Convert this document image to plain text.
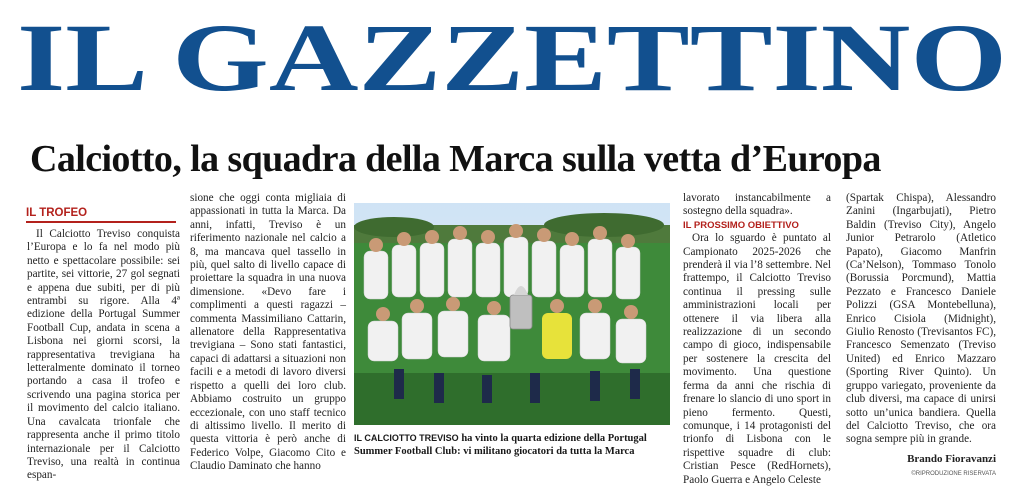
IL GAZZETTINO
Calciotto, la squadra della Marca sulla vetta d’Europa
IL TROFEO

Il Calciotto Treviso conquista l’Europa e lo fa nel modo più netto e spettacolare possibile: sei partite, sei vittorie, 27 gol segnati e appena due subiti, per di più entrambi su rigore. Alla 4ª edizione della Portugal Summer Football Cup, andata in scena a Lisbona nei giorni scorsi, la rappresentativa trevigiana ha letteralmente dominato il torneo portando a casa il trofeo e scrivendo una pagina storica per il movimento del calcio italiano. Una cavalcata trionfale che rappresenta anche il primo titolo internazionale per il Calciotto Treviso, una realtà in continua espan-

sione che oggi conta migliaia di appassionati in tutta la Marca. Da anni, infatti, Treviso è un riferimento nazionale nel calcio a 8, ma mancava quel tassello in più, quel salto di livello capace di proiettare la squadra in una nuova dimensione. «Devo fare i complimenti a questi ragazzi – commenta Massimiliano Cattarin, allenatore della Rappresentativa trevigiana – Sono stati fantastici, capaci di adattarsi a situazioni non facili e a metodi di lavoro diversi rispetto a quelli dei loro club. Abbiamo costruito un gruppo eccezionale, con uno staff tecnico di altissimo livello. Il merito di questa vittoria è però anche di Federico Volpe, Giacomo Cito e Claudio Daminato che hanno

IL CALCIOTTO TREVISO ha vinto la quarta edizione della Portugal Summer Football Club: vi militano giocatori da tutta la Marca

lavorato instancabilmente a sostegno della squadra».

IL PROSSIMO OBIETTIVO

Ora lo sguardo è puntato al Campionato 2025-2026 che prenderà il via l’8 settembre. Nel frattempo, il Calciotto Treviso continua il pressing sulle amministrazioni locali per ottenere il via libera alla realizzazione di un secondo campo di gioco, indispensabile per sostenere la crescita del movimento. Una questione ferma da anni che rischia di frenare lo slancio di uno sport in pieno fermento. Questi, comunque, i 14 protagonisti del trionfo di Lisbona con le rispettive squadre di club: Cristian Pesce (RedHornets), Paolo Guerra e Angelo Celeste

(Spartak Chispa), Alessandro Zanini (Ingarbujati), Pietro Baldin (Treviso City), Angelo Junior Petrarolo (Atletico Papato), Giacomo Manfrin (Ca’Nelson), Tommaso Tonolo (Borussia Porcmund), Mattia Pezzato e Francesco Daniele Polizzi (GSA Montebelluna), Enrico Cisiola (Midnight), Giulio Renosto (Trevisantos FC), Francesco Semenzato (Treviso United) ed Enrico Mazzaro (Sporting River Quinto). Un gruppo variegato, proveniente da club diversi, ma capace di unirsi sotto un’unica bandiera. Quella del Calciotto Treviso, che ora sogna sempre più in grande.

Brando Fioravanzi

©RIPRODUZIONE RISERVATA
